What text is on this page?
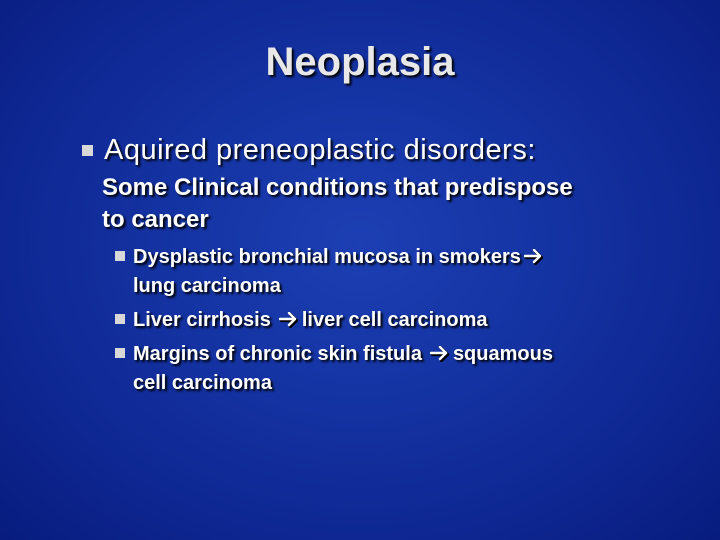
Neoplasia
Aquired preneoplastic disorders:
Some Clinical conditions that predispose
to cancer
Dysplastic bronchial mucosa in smokers
lung carcinoma
Liver cirrhosis liver cell carcinoma
Margins of chronic skin fistula squamous
cell carcinoma
